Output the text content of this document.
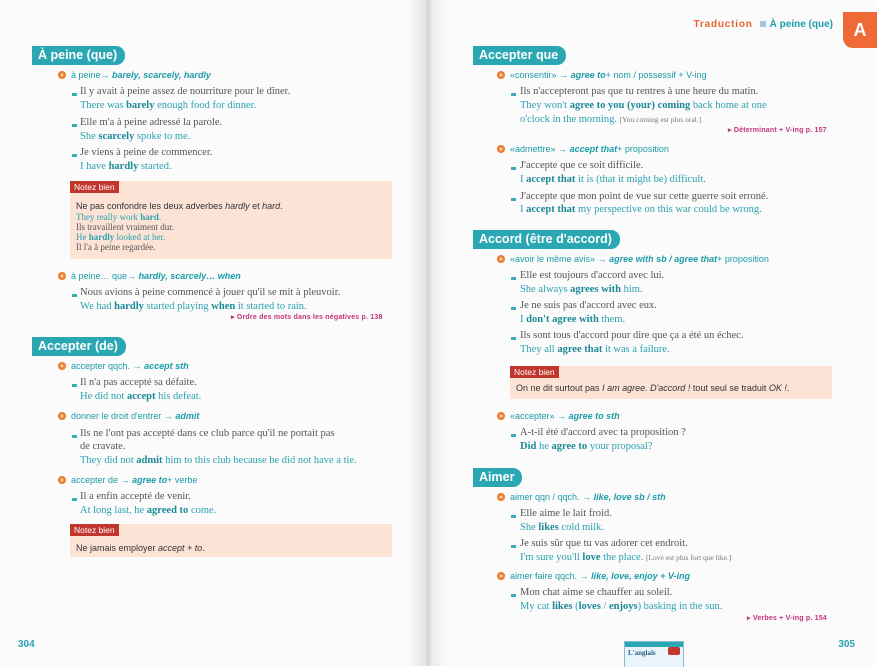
À peine (que)
à peine →
barely, scarcely, hardly
Il y avait à peine assez de nourriture pour le dîner.
There was barely enough food for dinner.
Elle m'a à peine adressé la parole.
She scarcely spoke to me.
Je viens à peine de commencer.
I have hardly started.
Notez bien
Ne pas confondre les deux adverbes hardly et hard.
They really work hard.
Ils travaillent vraiment dur.
He hardly looked at her.
Il l'a à peine regardée.
à peine… que →
hardly, scarcely… when
Nous avions à peine commencé à jouer qu'il se mit à pleuvoir.
We had hardly started playing when it started to rain.
▸ Ordre des mots dans les négatives p. 138
Accepter (de)
accepter qqch.
→
accept sth
Il n'a pas accepté sa défaite.
He did not accept his defeat.
donner le droit d'entrer
→
admit
Ils ne l'ont pas accepté dans ce club parce qu'il ne portait pas
de cravate.
They did not admit him to this club because he did not have a tie.
accepter de
→
agree to + verbe
Il a enfin accepté de venir.
At long last, he agreed to come.
Notez bien
Ne jamais employer accept + to.
304
Traduction À peine (que)	A
Accepter que
«consentir»
→
agree to + nom / possessif + V-ing
Ils n'accepteront pas que tu rentres à une heure du matin.
They won't agree to you (your) coming back home at one
o'clock in the morning. [You coming est plus oral.]
▸ Déterminant + V-ing p. 157
«admettre»
→
accept that + proposition
J'accepte que ce soit difficile.
I accept that it is (that it might be) difficult.
J'accepte que mon point de vue sur cette guerre soit erroné.
I accept that my perspective on this war could be wrong.
Accord (être d'accord)
«avoir le même avis»
→
agree with sb / agree that + proposition
Elle est toujours d'accord avec lui.
She always agrees with him.
Je ne suis pas d'accord avec eux.
I don't agree with them.
Ils sont tous d'accord pour dire que ça a été un échec.
They all agree that it was a failure.
Notez bien
On ne dit surtout pas I am agree. D'accord ! tout seul se traduit OK !.
«accepter»
→
agree to sth
A-t-il été d'accord avec ta proposition ?
Did he agree to your proposal?
Aimer
aimer qqn / qqch.
→
like, love sb / sth
Elle aime le lait froid.
She likes cold milk.
Je suis sûr que tu vas adorer cet endroit.
I'm sure you'll love the place. [Love est plus fort que like.]
aimer faire qqch.
→
like, love, enjoy + V-ing
Mon chat aime se chauffer au soleil.
My cat likes (loves / enjoys) basking in the sun.
▸ Verbes + V-ing p. 154
305
L'anglais
